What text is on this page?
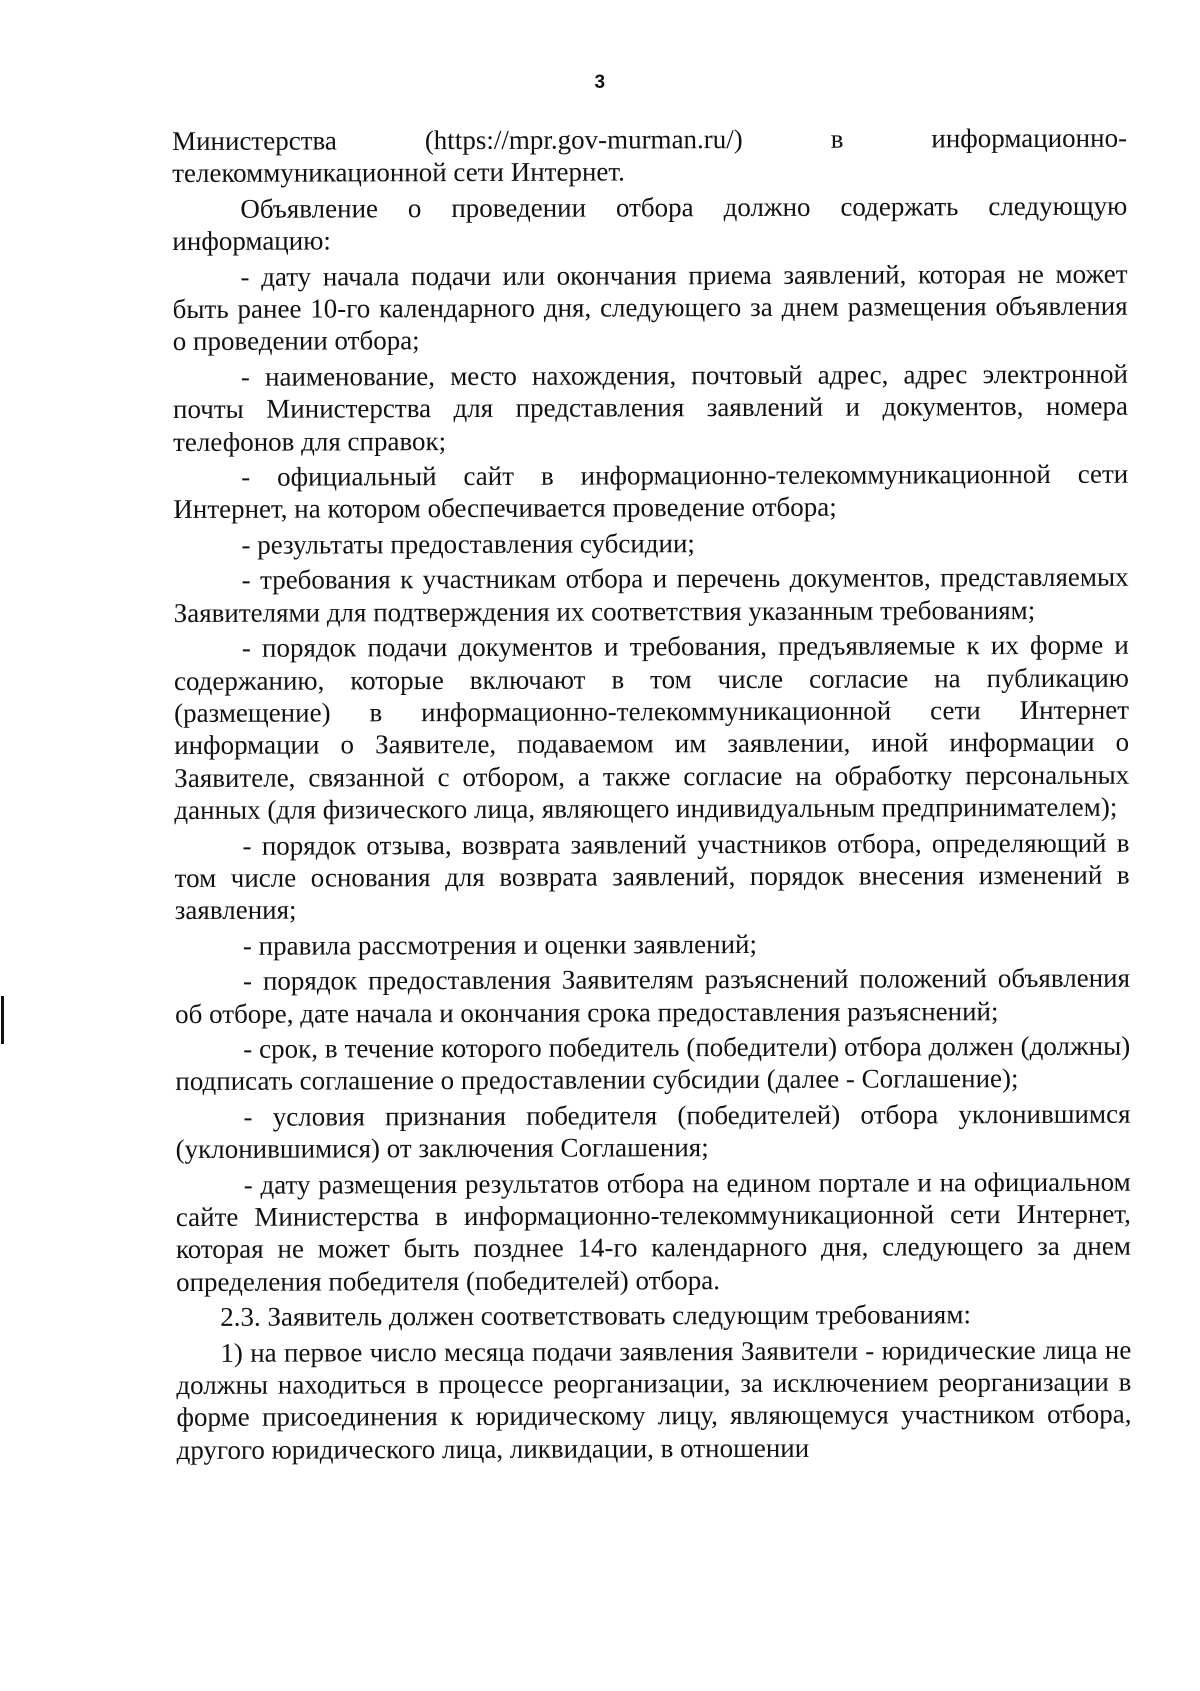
3
Министерства	(https://mpr.gov-murman.ru/)	в	информационно-

телекоммуникационной сети Интернет.

Объявление о проведении отбора должно содержать следующую информацию:

- дату начала подачи или окончания приема заявлений, которая не может быть ранее 10-го календарного дня, следующего за днем размещения объявления о проведении отбора;

- наименование, место нахождения, почтовый адрес, адрес электронной почты Министерства для представления заявлений и документов, номера телефонов для справок;

- официальный сайт в информационно-телекоммуникационной сети Интернет, на котором обеспечивается проведение отбора;

- результаты предоставления субсидии;

- требования к участникам отбора и перечень документов, представляемых Заявителями для подтверждения их соответствия указанным требованиям;

- порядок подачи документов и требования, предъявляемые к их форме и содержанию, которые включают в том числе согласие на публикацию (размещение) в информационно-телекоммуникационной сети Интернет информации о Заявителе, подаваемом им заявлении, иной информации о Заявителе, связанной с отбором, а также согласие на обработку персональных данных (для физического лица, являющего индивидуальным предпринимателем);

- порядок отзыва, возврата заявлений участников отбора, определяющий в том числе основания для возврата заявлений, порядок внесения изменений в заявления;

- правила рассмотрения и оценки заявлений;

- порядок предоставления Заявителям разъяснений положений объявления об отборе, дате начала и окончания срока предоставления разъяснений;

- срок, в течение которого победитель (победители) отбора должен (должны) подписать соглашение о предоставлении субсидии (далее - Соглашение);

- условия признания победителя (победителей) отбора уклонившимся (уклонившимися) от заключения Соглашения;

- дату размещения результатов отбора на едином портале и на официальном сайте Министерства в информационно-телекоммуникационной сети Интернет, которая не может быть позднее 14-го календарного дня, следующего за днем определения победителя (победителей) отбора.

2.3. Заявитель должен соответствовать следующим требованиям:

1) на первое число месяца подачи заявления Заявители - юридические лица не должны находиться в процессе реорганизации, за исключением реорганизации в форме присоединения к юридическому лицу, являющемуся участником отбора, другого юридического лица, ликвидации, в отношении
